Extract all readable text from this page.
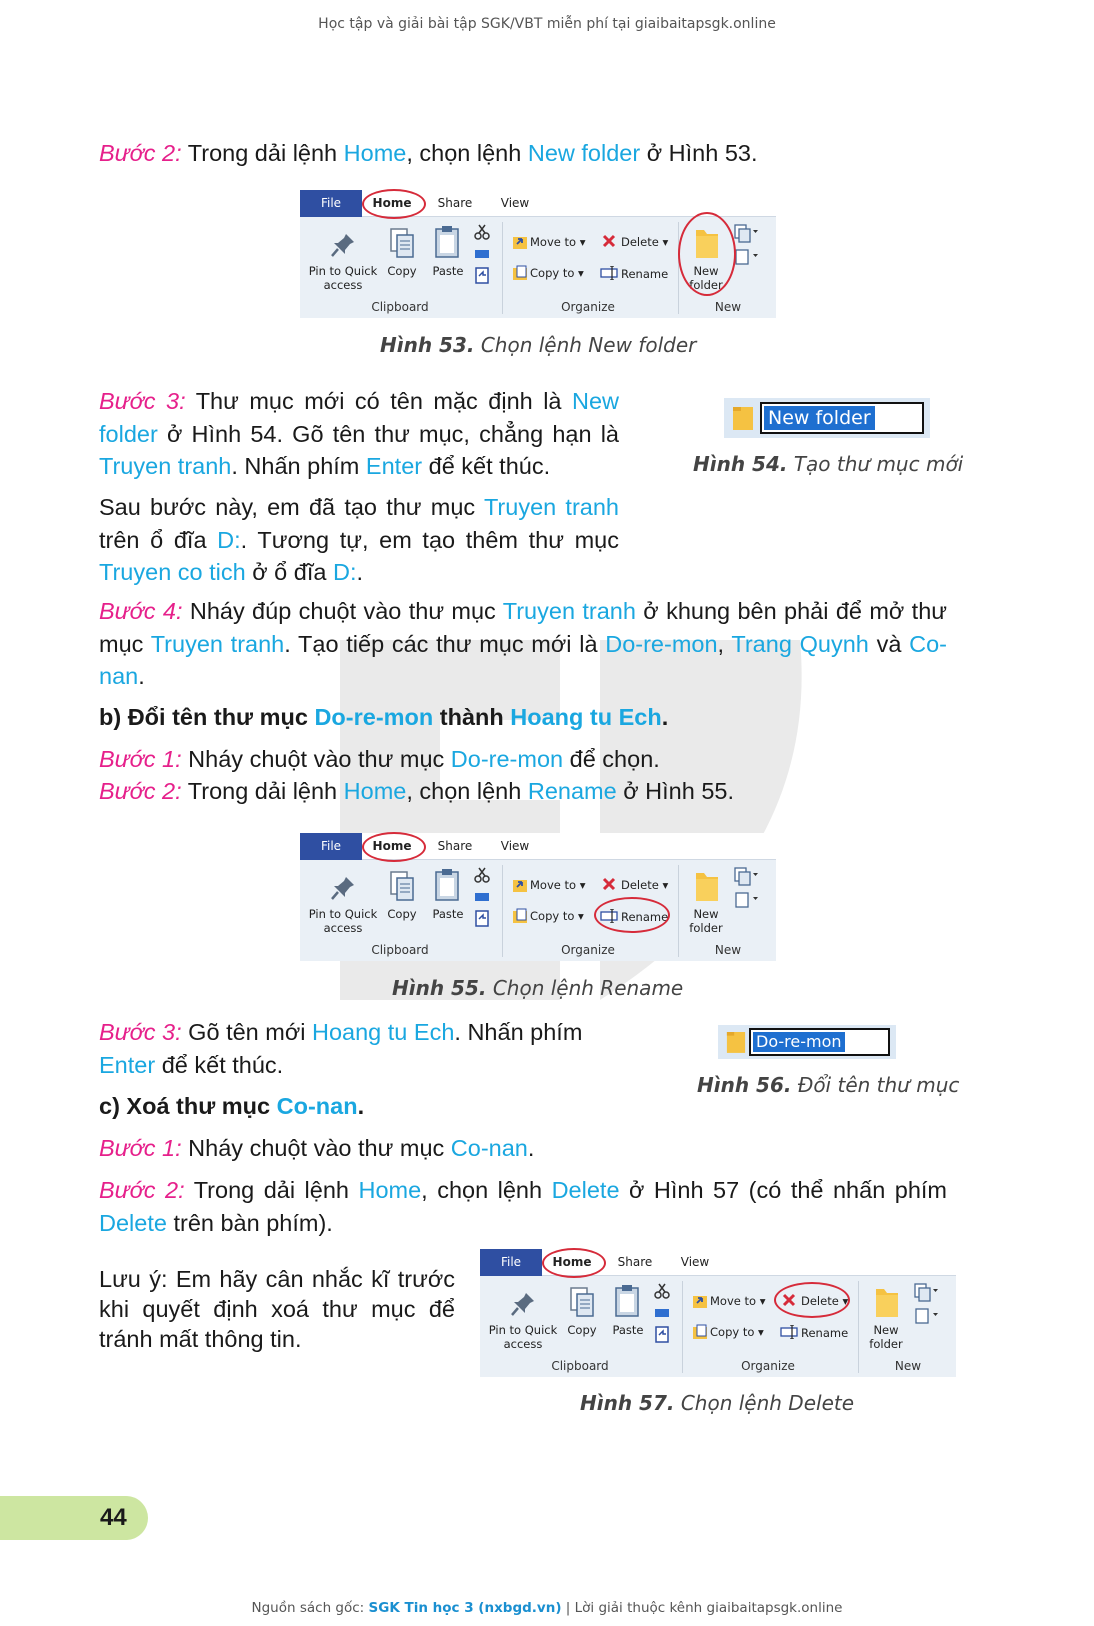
Học tập và giải bài tập SGK/VBT miễn phí tại giaibaitapsgk.online
Bước 2: Trong dải lệnh Home, chọn lệnh New folder ở Hình 53.
File	Home	Share	View
Pin to Quick
access
Copy	Paste
Clipboard
Move to ▾
Copy to ▾
Delete ▾
Rename
Organize
New
folder
New
Hình 53. Chọn lệnh New folder
Bước 3: Thư mục mới có tên mặc định là New folder ở Hình 54. Gõ tên thư mục, chẳng hạn là Truyen tranh. Nhấn phím Enter để kết thúc.
New folder
Hình 54. Tạo thư mục mới
Sau bước này, em đã tạo thư mục Truyen tranh trên ổ đĩa D:. Tương tự, em tạo thêm thư mục Truyen co tich ở ổ đĩa D:.
Bước 4: Nháy đúp chuột vào thư mục Truyen tranh ở khung bên phải để mở thư mục Truyen tranh. Tạo tiếp các thư mục mới là Do-re-mon, Trang Quynh và Co-nan.
b) Đổi tên thư mục Do-re-mon thành Hoang tu Ech.
Bước 1: Nháy chuột vào thư mục Do-re-mon để chọn.
Bước 2: Trong dải lệnh Home, chọn lệnh Rename ở Hình 55.
File	Home	Share	View
Pin to Quick
access
Copy	Paste
Clipboard
Move to ▾
Copy to ▾
Delete ▾
Rename
Organize
New
folder
New
Hình 55. Chọn lệnh Rename
Bước 3: Gõ tên mới Hoang tu Ech. Nhấn phím Enter để kết thúc.
Do-re-mon
Hình 56. Đổi tên thư mục
c) Xoá thư mục Co-nan.
Bước 1: Nháy chuột vào thư mục Co-nan.
Bước 2: Trong dải lệnh Home, chọn lệnh Delete ở Hình 57 (có thể nhấn phím Delete trên bàn phím).
Lưu ý: Em hãy cân nhắc kĩ trước khi quyết định xoá thư mục để tránh mất thông tin.
File	Home	Share	View
Pin to Quick
access
Copy	Paste
Clipboard
Move to ▾
Copy to ▾
Delete ▾
Rename
Organize
New
folder
New
Hình 57. Chọn lệnh Delete
44
Nguồn sách gốc: SGK Tin học 3 (nxbgd.vn) | Lời giải thuộc kênh giaibaitapsgk.online
